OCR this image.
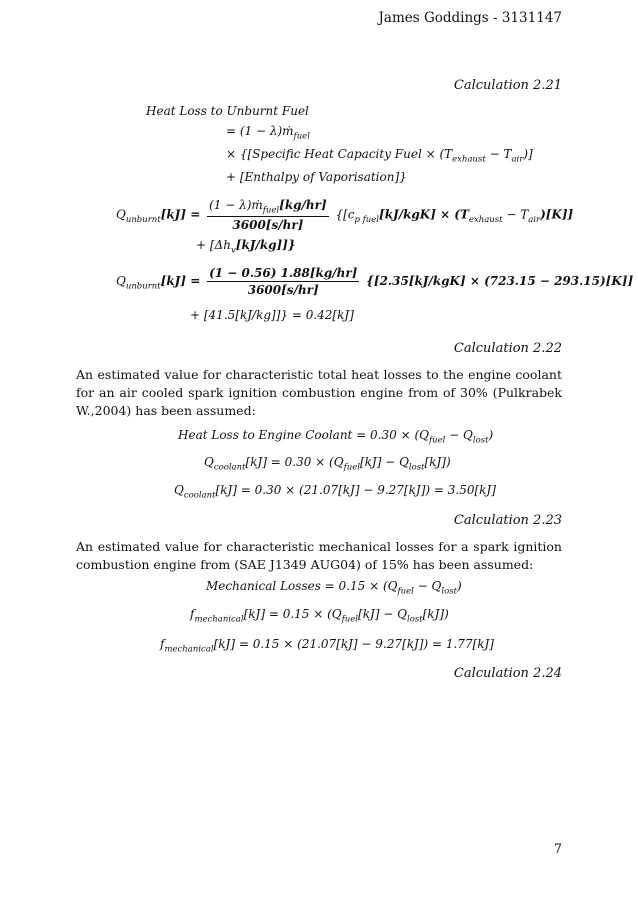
James Goddings - 3131147
Calculation 2.21
Heat Loss to Unburnt Fuel
= (1 − λ)ṁ$_{fuel}$
× {[Specific Heat Capacity Fuel × $(T_{exhaust} - T_{air})$]
+ [Enthalpy of Vaporisation]}
$Q_{unburnt}[kJ] = \frac{(1 - \lambda)ṁ_{fuel}[kg/hr]}{3600[s/hr]} \{[c_{p fuel}[kJ/kgK] \times (T_{exhaust} - T_{air})[K]]$
+ $[\Delta h_v[kJ/kg]]$}
$Q_{unburnt}[kJ] = \frac{(1 - 0.56) 1.88[kg/hr]}{3600[s/hr]} \{[2.35[kJ/kgK] \times (723.15 - 293.15)[K]]$
+ [41.5[kJ/kg]]} = 0.42[kJ]
Calculation 2.22
An estimated value for characteristic total heat losses to the engine coolant for an air cooled spark ignition combustion engine from of 30% (Pulkrabek W.,2004) has been assumed:
Heat Loss to Engine Coolant = $0.30 \times (Q_{fuel} - Q_{lost})$
$Q_{coolant}[kJ] = 0.30 \times (Q_{fuel}[kJ] - Q_{lost}[kJ])$
$Q_{coolant}[kJ] = 0.30 \times (21.07[kJ] - 9.27[kJ]) = 3.50[kJ]$
Calculation 2.23
An estimated value for characteristic mechanical losses for a spark ignition combustion engine from (SAE J1349 AUG04) of 15% has been assumed:
Mechanical Losses = $0.15 \times (Q_{fuel} - Q_{lost})$
$f_{mechanical}[kJ] = 0.15 \times (Q_{fuel}[kJ] - Q_{lost}[kJ])$
$f_{mechanical}[kJ] = 0.15 \times (21.07[kJ] - 9.27[kJ]) = 1.77[kJ]$
Calculation 2.24
7
